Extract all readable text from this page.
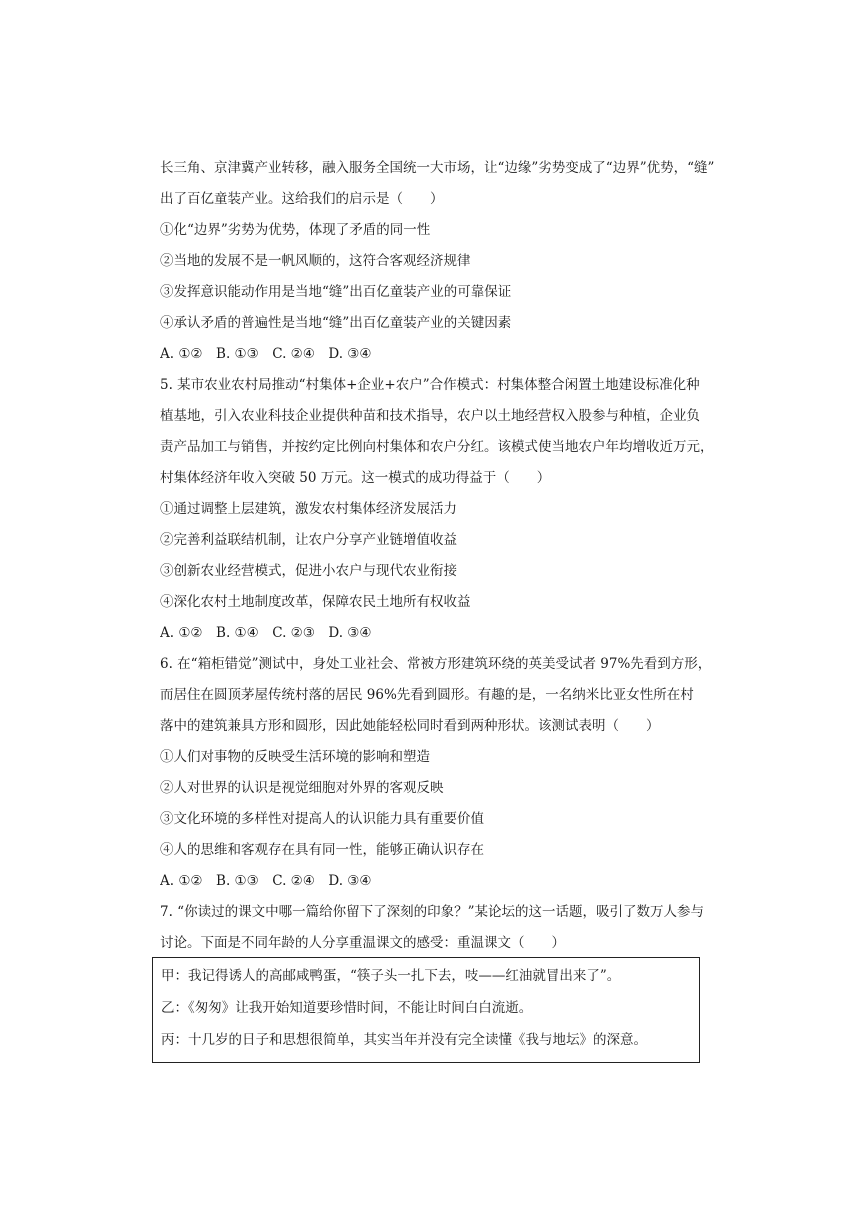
长三角、京津冀产业转移，融入服务全国统一大市场，让“边缘”劣势变成了“边界”优势，“缝”
出了百亿童装产业。这给我们的启示是（　　）
①化“边界”劣势为优势，体现了矛盾的同一性
②当地的发展不是一帆风顺的，这符合客观经济规律
③发挥意识能动作用是当地“缝”出百亿童装产业的可靠保证
④承认矛盾的普遍性是当地“缝”出百亿童装产业的关键因素
A. ①②　B. ①③　C. ②④　D. ③④
5. 某市农业农村局推动“村集体+企业+农户”合作模式：村集体整合闲置土地建设标准化种
植基地，引入农业科技企业提供种苗和技术指导，农户以土地经营权入股参与种植，企业负
责产品加工与销售，并按约定比例向村集体和农户分红。该模式使当地农户年均增收近万元，
村集体经济年收入突破 50 万元。这一模式的成功得益于（　　）
①通过调整上层建筑，激发农村集体经济发展活力
②完善利益联结机制，让农户分享产业链增值收益
③创新农业经营模式，促进小农户与现代农业衔接
④深化农村土地制度改革，保障农民土地所有权收益
A. ①②　B. ①④　C. ②③　D. ③④
6. 在“箱柜错觉”测试中，身处工业社会、常被方形建筑环绕的英美受试者 97%先看到方形，
而居住在圆顶茅屋传统村落的居民 96%先看到圆形。有趣的是，一名纳米比亚女性所在村
落中的建筑兼具方形和圆形，因此她能轻松同时看到两种形状。该测试表明（　　）
①人们对事物的反映受生活环境的影响和塑造
②人对世界的认识是视觉细胞对外界的客观反映
③文化环境的多样性对提高人的认识能力具有重要价值
④人的思维和客观存在具有同一性，能够正确认识存在
A. ①②　B. ①③　C. ②④　D. ③④
7. “你读过的课文中哪一篇给你留下了深刻的印象？”某论坛的这一话题，吸引了数万人参与
讨论。下面是不同年龄的人分享重温课文的感受：重温课文（　　）
甲：我记得诱人的高邮咸鸭蛋，“筷子头一扎下去，吱——红油就冒出来了”。
乙：《匆匆》让我开始知道要珍惜时间，不能让时间白白流逝。
丙：十几岁的日子和思想很简单，其实当年并没有完全读懂《我与地坛》的深意。
